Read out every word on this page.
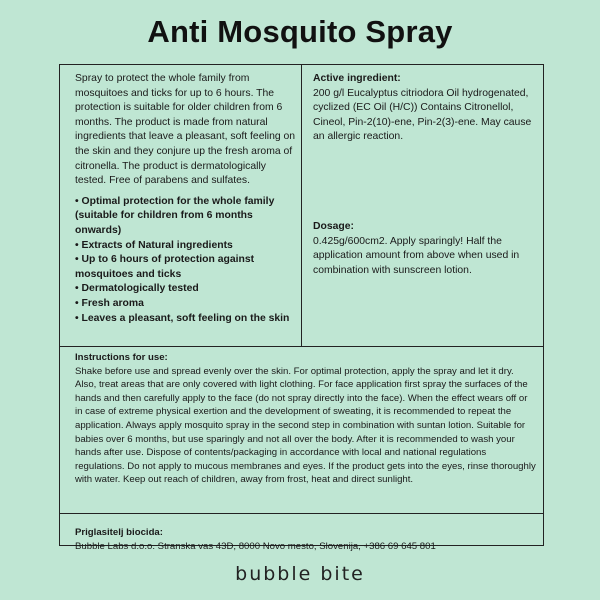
Anti Mosquito Spray

Spray to protect the whole family from mosquitoes and ticks for up to 6 hours. The protection is suitable for older children from 6 months. The product is made from natural ingredients that leave a pleasant, soft feeling on the skin and they conjure up the fresh aroma of citronella. The product is dermatologically tested. Free of parabens and sulfates.

• Optimal protection for the whole family (suitable for children from 6 months onwards)
• Extracts of Natural ingredients
• Up to 6 hours of protection against mosquitoes and ticks
• Dermatologically tested
• Fresh aroma
• Leaves a pleasant, soft feeling on the skin
Active ingredient:
200 g/l Eucalyptus citriodora Oil hydrogenated, cyclized (EC Oil (H/C)) Contains Citronellol, Cineol, Pin-2(10)-ene, Pin-2(3)-ene. May cause an allergic reaction.
Dosage:
0.425g/600cm2. Apply sparingly! Half the application amount from above when used in combination with sunscreen lotion.
Instructions for use:

Shake before use and spread evenly over the skin. For optimal protection, apply the spray and let it dry. Also, treat areas that are only covered with light clothing. For face application first spray the surfaces of the hands and then carefully apply to the face (do not spray directly into the face). When the effect wears off or in case of extreme physical exertion and the development of sweating, it is recommended to repeat the application. Always apply mosquito spray in the second step in combination with suntan lotion. Suitable for babies over 6 months, but use sparingly and not all over the body. After it is recommended to wash your hands after use. Dispose of contents/packaging in accordance with local and national regulations regulations. Do not apply to mucous membranes and eyes. If the product gets into the eyes, rinse thoroughly with water. Keep out reach of children, away from frost, heat and direct sunlight.

Priglasitelj biocida:
Bubble Labs d.o.o. Stranska vas 43D, 8000 Novo mesto, Slovenija, +386 69 645 801
bubble bite
